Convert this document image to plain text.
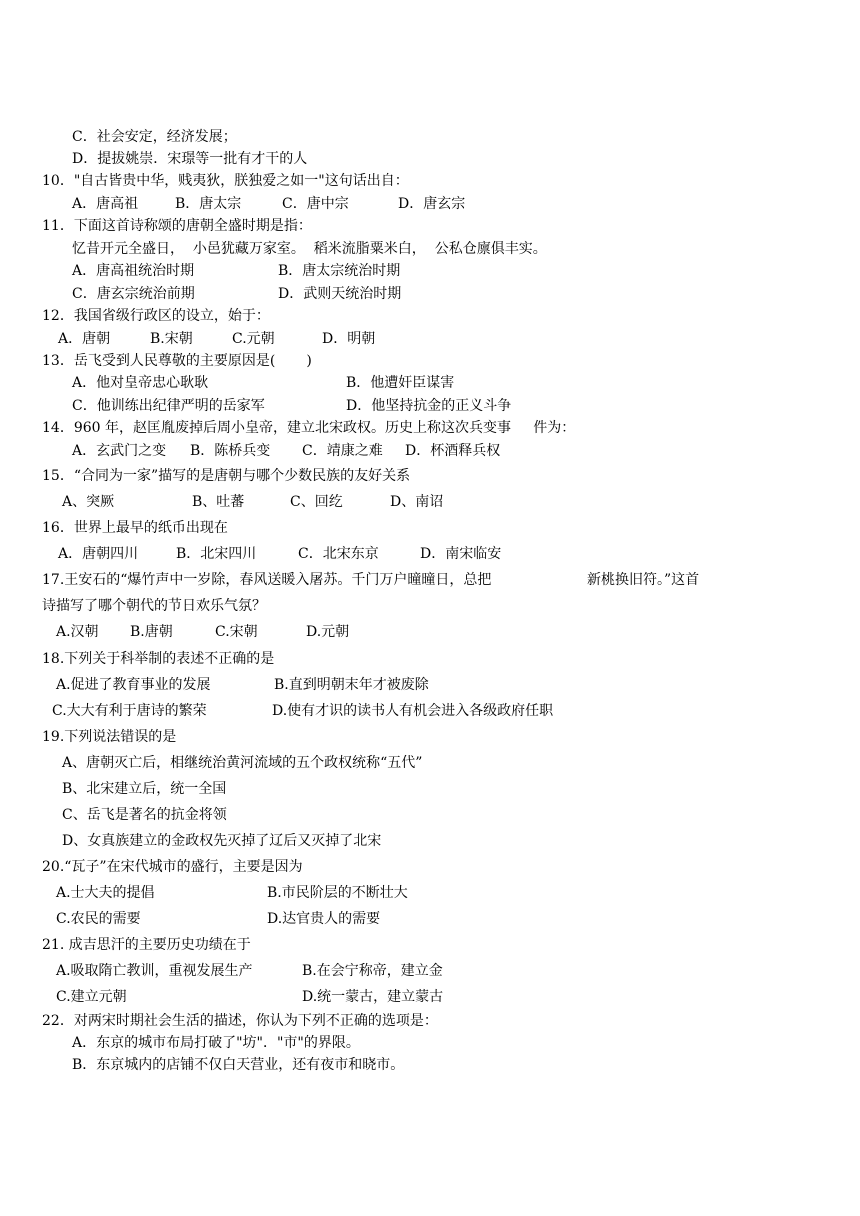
C．社会安定，经济发展；
D．提拔姚崇．宋璟等一批有才干的人
10．"自古皆贵中华，贱夷狄，朕独爱之如一"这句话出自：
A．唐高祖	B．唐太宗	C．唐中宗	D．唐玄宗
11．下面这首诗称颂的唐朝全盛时期是指：
忆昔开元全盛日，  小邑犹藏万家室。  稻米流脂粟米白，  公私仓廪俱丰实。
A．唐高祖统治时期	B．唐太宗统治时期
C．唐玄宗统治前期	D．武则天统治时期
12．我国省级行政区的设立，始于：
A．唐朝	B.宋朝	C.元朝	D．明朝
13．岳飞受到人民尊敬的主要原因是(       )
A．他对皇帝忠心耿耿	B．他遭奸臣谋害
C．他训练出纪律严明的岳家军	D．他坚持抗金的正义斗争
14．960 年，赵匡胤废掉后周小皇帝，建立北宋政权。历史上称这次兵变事     件为：
A．玄武门之变 B．陈桥兵变 C．靖康之难 D．杯酒释兵权
15．“合同为一家”描写的是唐朝与哪个少数民族的友好关系
A、突厥	B、吐蕃	C、回纥	D、南诏
16．世界上最早的纸币出现在
A．唐朝四川	B．北宋四川	C．北宋东京	D．南宋临安
17.王安石的“爆竹声中一岁除，春风送暖入屠苏。千门万户曈曈日，总把	新桃换旧符。”这首
诗描写了哪个朝代的节日欢乐气氛？
A.汉朝 B.唐朝	C.宋朝	D.元朝
18.下列关于科举制的表述不正确的是
A.促进了教育事业的发展	B.直到明朝末年才被废除
C.大大有利于唐诗的繁荣	D.使有才识的读书人有机会进入各级政府任职
19.下列说法错误的是
A、唐朝灭亡后，相继统治黄河流域的五个政权统称“五代”
B、北宋建立后，统一全国
C、岳飞是著名的抗金将领
D、女真族建立的金政权先灭掉了辽后又灭掉了北宋
20.“瓦子”在宋代城市的盛行，主要是因为
A.士大夫的提倡	B.市民阶层的不断壮大
C.农民的需要	D.达官贵人的需要
21. 成吉思汗的主要历史功绩在于
A.吸取隋亡教训，重视发展生产	B.在会宁称帝，建立金
C.建立元朝	D.统一蒙古，建立蒙古
22．对两宋时期社会生活的描述，你认为下列不正确的选项是：
A．东京的城市布局打破了"坊"．"市"的界限。
B．东京城内的店铺不仅白天营业，还有夜市和晓市。
